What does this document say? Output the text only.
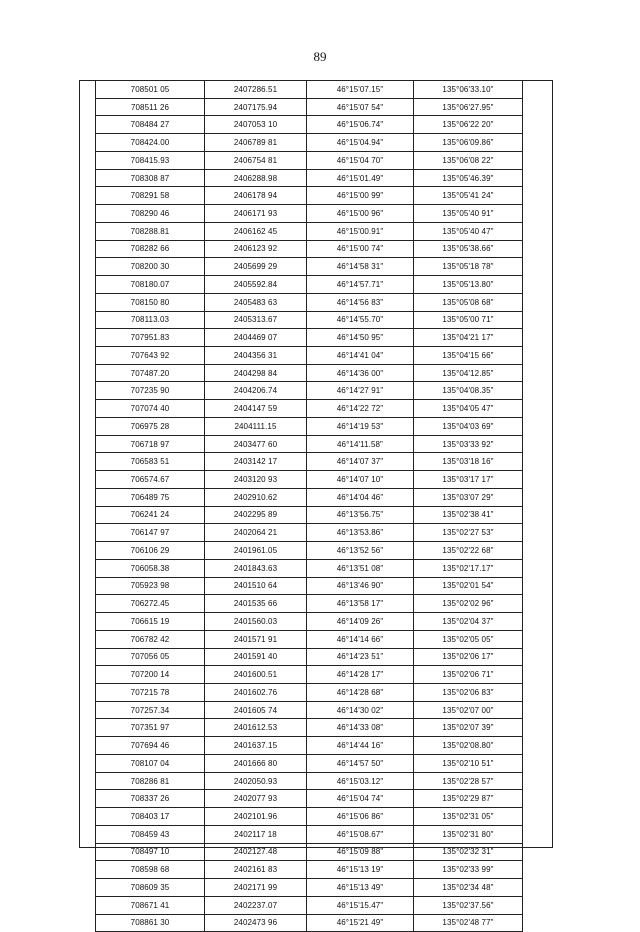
89
708501 05	2407286.51	46°15'07.15"	135°06'33.10"
708511 26	2407175.94	46°15'07 54"	135°06'27.95"
708484 27	2407053 10	46°15'06.74"	135°06'22 20"
708424.00	2406789 81	46°15'04.94"	135°06'09.86"
708415.93	2406754 81	46°15'04 70"	135°06'08 22"
708308 87	2406288.98	46°15'01.49"	135°05'46.39"
708291 58	2406178 94	46°15'00 99"	135°05'41 24"
708290 46	2406171 93	46°15'00 96"	135°05'40 91"
708288.81	2406162 45	46°15'00.91"	135°05'40 47"
708282 66	2406123 92	46°15'00 74"	135°05'38.66"
708200 30	2405699 29	46°14'58 31"	135°05'18 78"
708180.07	2405592.84	46°14'57.71"	135°05'13.80"
708150 80	2405483 63	46°14'56 83"	135°05'08 68"
708113.03	2405313.67	46°14'55.70"	135°05'00 71"
707951.83	2404469 07	46°14'50 95"	135°04'21 17"
707643 92	2404356 31	46°14'41 04"	135°04'15 66"
707487.20	2404298 84	46°14'36 00"	135°04'12.85"
707235 90	2404206.74	46°14'27 91"	135°04'08.35"
707074 40	2404147 59	46°14'22 72"	135°04'05 47"
706975 28	2404111.15	46°14'19 53"	135°04'03 69"
706718 97	2403477 60	46°14'11.58"	135°03'33 92"
706583 51	2403142 17	46°14'07 37"	135°03'18 16"
706574.67	2403120 93	46°14'07 10"	135°03'17 17"
706489 75	2402910.62	46°14'04 46"	135°03'07 29"
706241 24	2402295 89	46°13'56.75"	135°02'38 41"
706147 97	2402064 21	46°13'53.86"	135°02'27 53"
706106 29	2401961.05	46°13'52 56"	135°02'22 68"
706058.38	2401843.63	46°13'51 08"	135°02'17.17"
705923 98	2401510 64	46°13'46 90"	135°02'01 54"
706272.45	2401535 66	46°13'58 17"	135°02'02 96"
706615 19	2401560.03	46°14'09 26"	135°02'04 37"
706782 42	2401571 91	46°14'14 66"	135°02'05 05"
707056 05	2401591 40	46°14'23 51"	135°02'06 17"
707200 14	2401600.51	46°14'28 17"	135°02'06 71"
707215 78	2401602.76	46°14'28 68"	135°02'06 83"
707257.34	2401605 74	46°14'30 02"	135°02'07 00"
707351 97	2401612.53	46°14'33 08"	135°02'07 39"
707694 46	2401637.15	46°14'44 16"	135°02'08.80"
708107 04	2401666 80	46°14'57 50"	135°02'10 51"
708286 81	2402050.93	46°15'03.12"	135°02'28 57"
708337 26	2402077 93	46°15'04 74"	135°02'29 87"
708403 17	2402101.96	46°15'06 86"	135°02'31 05"
708459 43	2402117 18	46°15'08.67"	135°02'31 80"
708497 10	2402127.48	46°15'09 88"	135°02'32 31"
708598 68	2402161 83	46°15'13 19"	135°02'33 99"
708609 35	2402171 99	46°15'13 49"	135°02'34 48"
708671 41	2402237.07	46°15'15.47"	135°02'37.56"
708861 30	2402473 96	46°15'21 49"	135°02'48 77"
